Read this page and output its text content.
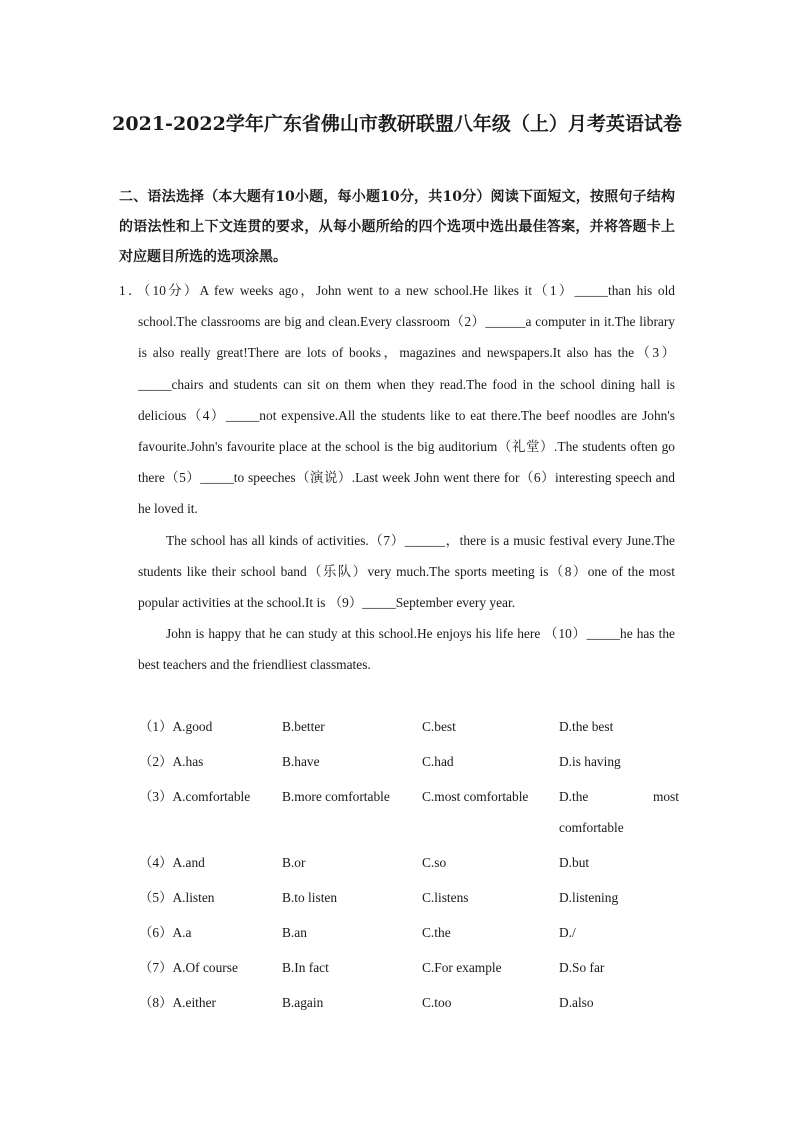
2021-2022学年广东省佛山市教研联盟八年级（上）月考英语试卷
二、语法选择（本大题有10小题，每小题10分，共10分）阅读下面短文，按照句子结构的语法性和上下文连贯的要求，从每小题所给的四个选项中选出最佳答案，并将答题卡上对应题目所选的选项涂黑。

1．（10分）A few weeks ago，John went to a new school.He likes it（1）_____than his old school.The classrooms are big and clean.Every classroom（2）______a computer in it.The library is also really great!There are lots of books，magazines and newspapers.It also has the（3）_____chairs and students can sit on them when they read.The food in the school dining hall is delicious（4）_____not expensive.All the students like to eat there.The beef noodles are John's favourite.John's favourite place at the school is the big auditorium（礼堂）.The students often go there（5）_____to speeches（演说）.Last week John went there for（6）interesting speech and he loved it.

The school has all kinds of activities.（7）______，there is a music festival every June.The students like their school band（乐队）very much.The sports meeting is（8）one of the most popular activities at the school.It is （9）_____September every year.

John is happy that he can study at this school.He enjoys his life here （10）_____he has the best teachers and the friendliest classmates.

（1）A.good	B.better	C.best	D.the best
（2）A.has	B.have	C.had	D.is having
（3）A.comfortable	B.more comfortable	C.most comfortable	D.the most comfortable
（4）A.and	B.or	C.so	D.but
（5）A.listen	B.to listen	C.listens	D.listening
（6）A.a	B.an	C.the	D./
（7）A.Of course	B.In fact	C.For example	D.So far
（8）A.either	B.again	C.too	D.also
